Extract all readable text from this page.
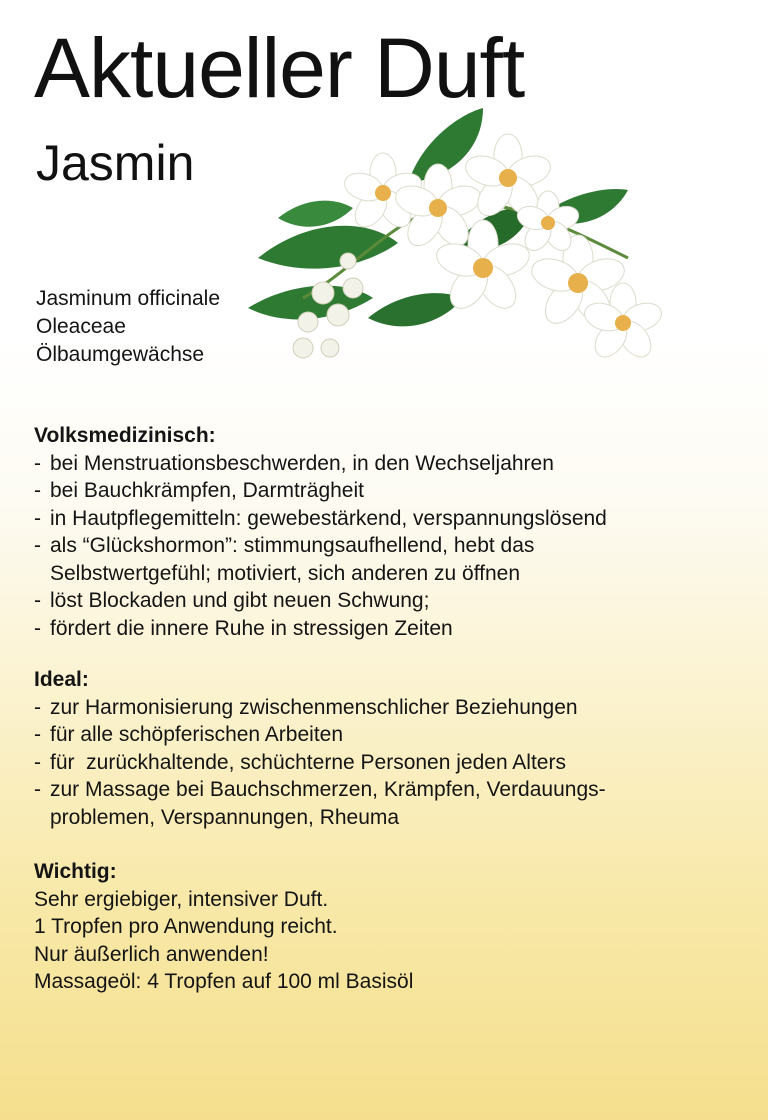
Aktueller Duft
Jasmin
Jasminum officinale
Oleaceae
Ölbaumgewächse
Volksmedizinisch:
- bei Menstruationsbeschwerden, in den Wechseljahren
- bei Bauchkrämpfen, Darmträgheit
- in Hautpflegemitteln: gewebestärkend, verspannungslösend
- als “Glückshormon”: stimmungsaufhellend, hebt das
Selbstwertgefühl; motiviert, sich anderen zu öffnen
- löst Blockaden und gibt neuen Schwung;
- fördert die innere Ruhe in stressigen Zeiten
Ideal:
- zur Harmonisierung zwischenmenschlicher Beziehungen
- für alle schöpferischen Arbeiten
- für  zurückhaltende, schüchterne Personen jeden Alters
- zur Massage bei Bauchschmerzen, Krämpfen, Verdauungs-
problemen, Verspannungen, Rheuma
Wichtig:
Sehr ergiebiger, intensiver Duft.
1 Tropfen pro Anwendung reicht.
Nur äußerlich anwenden!
Massageöl: 4 Tropfen auf 100 ml Basisöl
